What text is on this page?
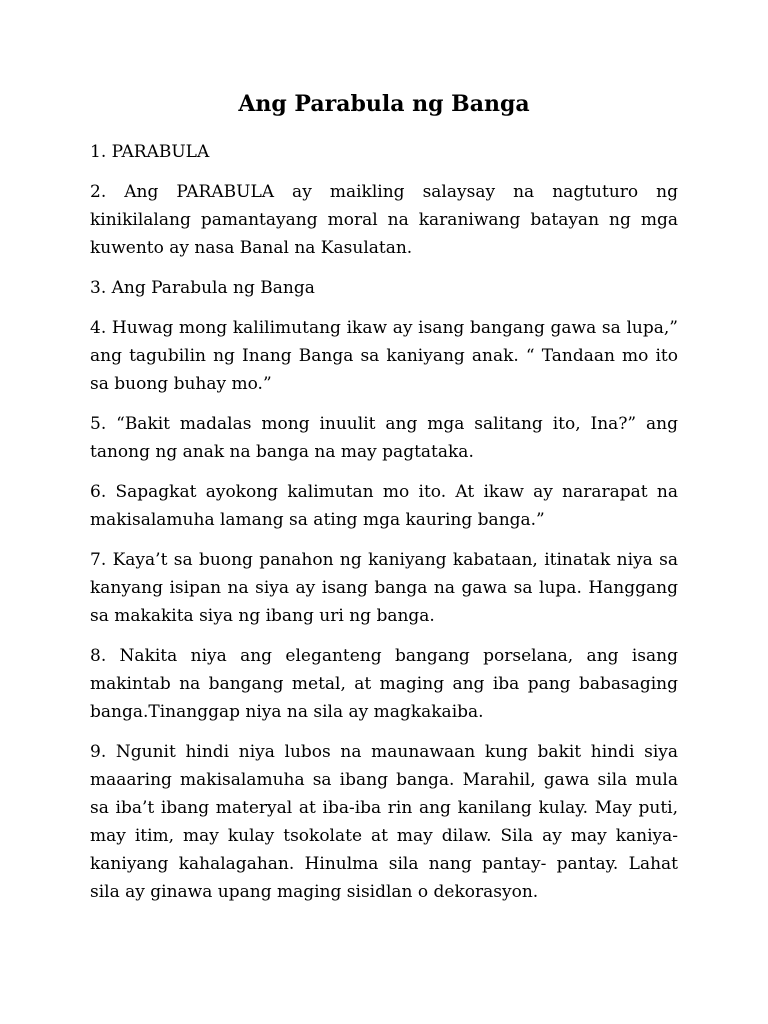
Ang Parabula ng Banga

1. PARABULA

2. Ang PARABULA ay maikling salaysay na nagtuturo ng kinikilalang pamantayang moral na karaniwang batayan ng mga kuwento ay nasa Banal na Kasulatan.

3. Ang Parabula ng Banga

4. Huwag mong kalilimutang ikaw ay isang bangang gawa sa lupa,” ang tagubilin ng Inang Banga sa kaniyang anak. “ Tandaan mo ito sa buong buhay mo.”

5. “Bakit madalas mong inuulit ang mga salitang ito, Ina?” ang tanong ng anak na banga na may pagtataka.

6. Sapagkat ayokong kalimutan mo ito. At ikaw ay nararapat na makisalamuha lamang sa ating mga kauring banga.”

7. Kaya’t sa buong panahon ng kaniyang kabataan, itinatak niya sa kanyang isipan na siya ay isang banga na gawa sa lupa. Hanggang sa makakita siya ng ibang uri ng banga.

8. Nakita niya ang eleganteng bangang porselana, ang isang makintab na bangang metal, at maging ang iba pang babasaging banga.Tinanggap niya na sila ay magkakaiba.

9. Ngunit hindi niya lubos na maunawaan kung bakit hindi siya maaaring makisalamuha sa ibang banga. Marahil, gawa sila mula sa iba’t ibang materyal at iba-iba rin ang kanilang kulay. May puti, may itim, may kulay tsokolate at may dilaw. Sila ay may kaniya-kaniyang kahalagahan. Hinulma sila nang pantay- pantay. Lahat sila ay ginawa upang maging sisidlan o dekorasyon.
